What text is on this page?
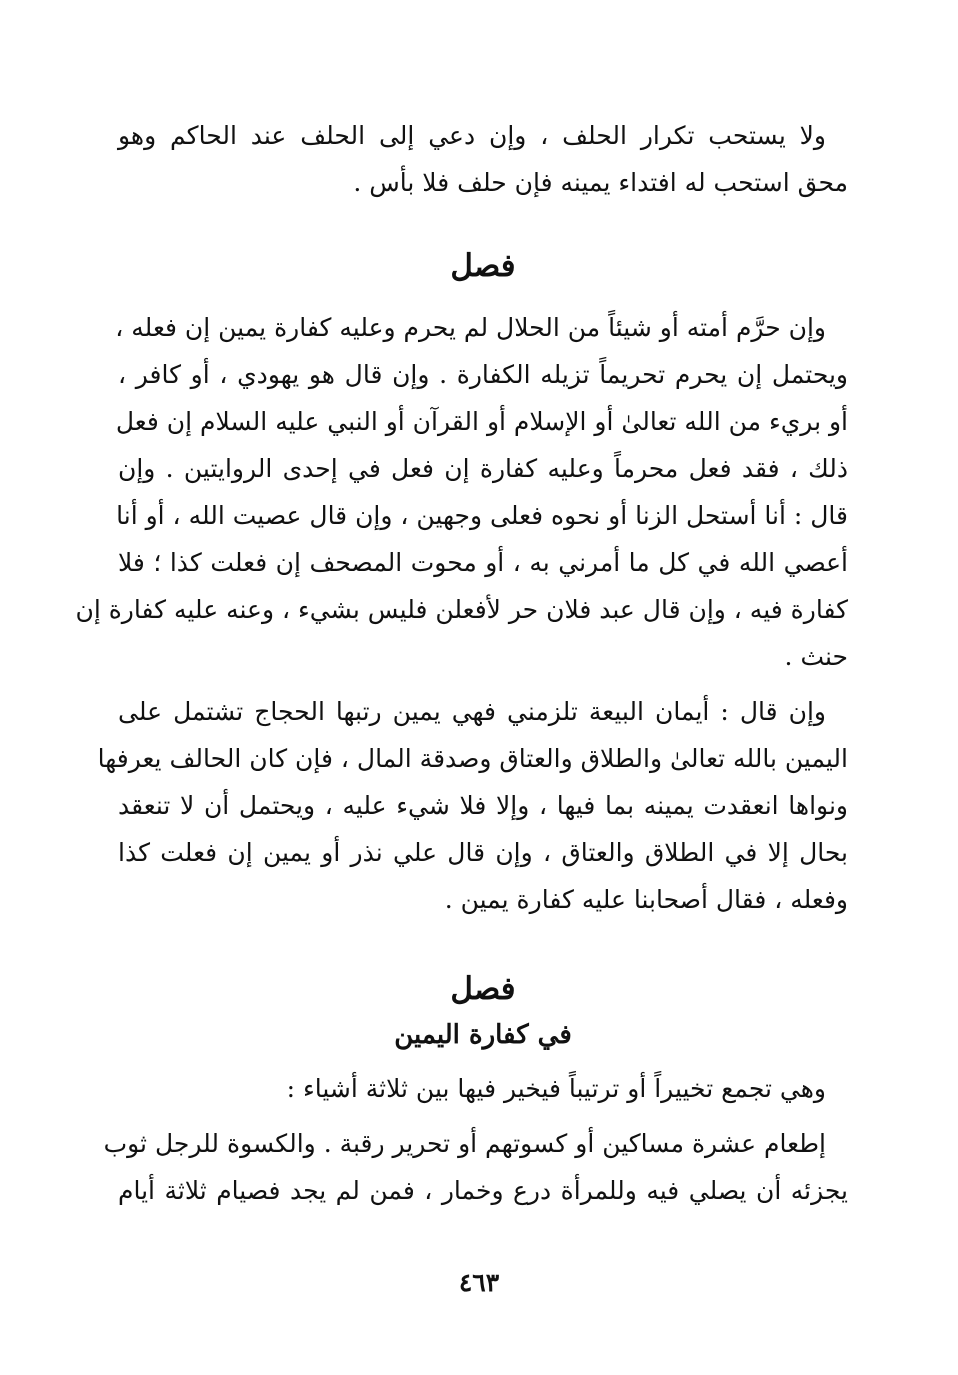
ولا يستحب تكرار الحلف ، وإن دعي إلى الحلف عند الحاكم وهو
محق استحب له افتداء يمينه فإن حلف فلا بأس .
فصل
وإن حرَّم أمته أو شيئاً من الحلال لم يحرم وعليه كفارة يمين إن فعله ،
ويحتمل إن يحرم تحريماً تزيله الكفارة . وإن قال هو يهودي ، أو كافر ،
أو بريء من الله تعالىٰ أو الإسلام أو القرآن أو النبي عليه السلام إن فعل
ذلك ، فقد فعل محرماً وعليه كفارة إن فعل في إحدى الروايتين . وإن
قال : أنا أستحل الزنا أو نحوه فعلى وجهين ، وإن قال عصيت الله ، أو أنا
أعصي الله في كل ما أمرني به ، أو محوت المصحف إن فعلت كذا ؛ فلا
كفارة فيه ، وإن قال عبد فلان حر لأفعلن فليس بشيء ، وعنه عليه كفارة إن
حنث .
وإن قال : أيمان البيعة تلزمني فهي يمين رتبها الحجاج تشتمل على
اليمين بالله تعالىٰ والطلاق والعتاق وصدقة المال ، فإن كان الحالف يعرفها
ونواها انعقدت يمينه بما فيها ، وإلا فلا شيء عليه ، ويحتمل أن لا تنعقد
بحال إلا في الطلاق والعتاق ، وإن قال علي نذر أو يمين إن فعلت كذا
وفعله ، فقال أصحابنا عليه كفارة يمين .
فصل
في كفارة اليمين
وهي تجمع تخييراً أو ترتيباً فيخير فيها بين ثلاثة أشياء :
إطعام عشرة مساكين أو كسوتهم أو تحرير رقبة . والكسوة للرجل ثوب
يجزئه أن يصلي فيه وللمرأة درع وخمار ، فمن لم يجد فصيام ثلاثة أيام
٤٦٣
